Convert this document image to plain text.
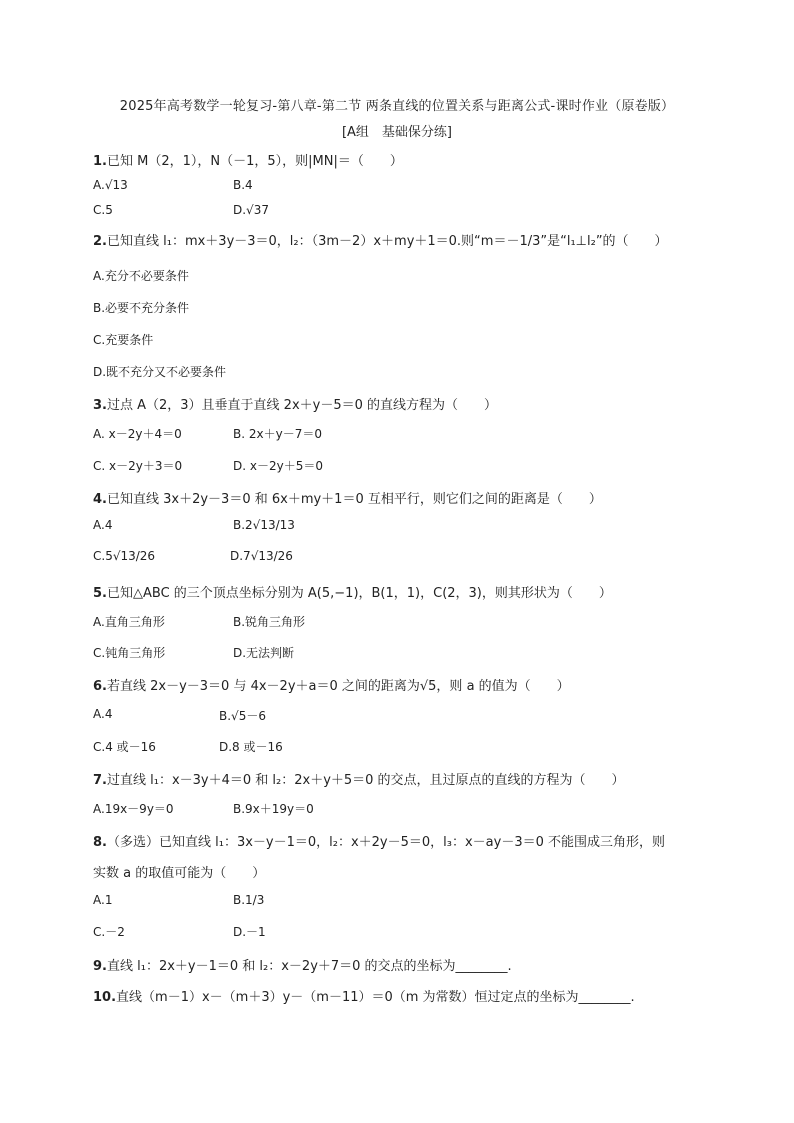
2025年高考数学一轮复习-第八章-第二节 两条直线的位置关系与距离公式-课时作业（原卷版）
[A组　基础保分练]
1.已知 M（2，1），N（－1，5），则|MN|＝（　　）
A.√13	B.4
C.5	D.√37
2.已知直线 l₁：mx＋3y－3＝0，l₂：（3m－2）x＋my＋1＝0.则“m＝－1/3”是“l₁⊥l₂”的（　　）
A.充分不必要条件
B.必要不充分条件
C.充要条件
D.既不充分又不必要条件
3.过点 A（2，3）且垂直于直线 2x＋y－5＝0 的直线方程为（　　）
A. x－2y＋4＝0	B. 2x＋y－7＝0
C. x－2y＋3＝0	D. x－2y＋5＝0
4.已知直线 3x＋2y－3＝0 和 6x＋my＋1＝0 互相平行，则它们之间的距离是（　　）
A.4	B.2√13/13
C.5√13/26	D.7√13/26
5.已知△ABC 的三个顶点坐标分别为 A(5,−1)，B(1，1)，C(2，3)，则其形状为（　　）
A.直角三角形	B.锐角三角形
C.钝角三角形	D.无法判断
6.若直线 2x－y－3＝0 与 4x－2y＋a＝0 之间的距离为√5，则 a 的值为（　　）
A.4	B.√5－6
C.4 或－16	D.8 或－16
7.过直线 l₁：x－3y＋4＝0 和 l₂：2x＋y＋5＝0 的交点，且过原点的直线的方程为（　　）
A.19x－9y＝0	B.9x＋19y＝0
8.（多选）已知直线 l₁：3x－y－1＝0，l₂：x＋2y－5＝0，l₃：x－ay－3＝0 不能围成三角形，则
实数 a 的取值可能为（　　）
A.1	B.1/3
C.－2	D.－1
9.直线 l₁：2x＋y－1＝0 和 l₂：x－2y＋7＝0 的交点的坐标为________.
10.直线（m－1）x－（m＋3）y－（m－11）＝0（m 为常数）恒过定点的坐标为________.
